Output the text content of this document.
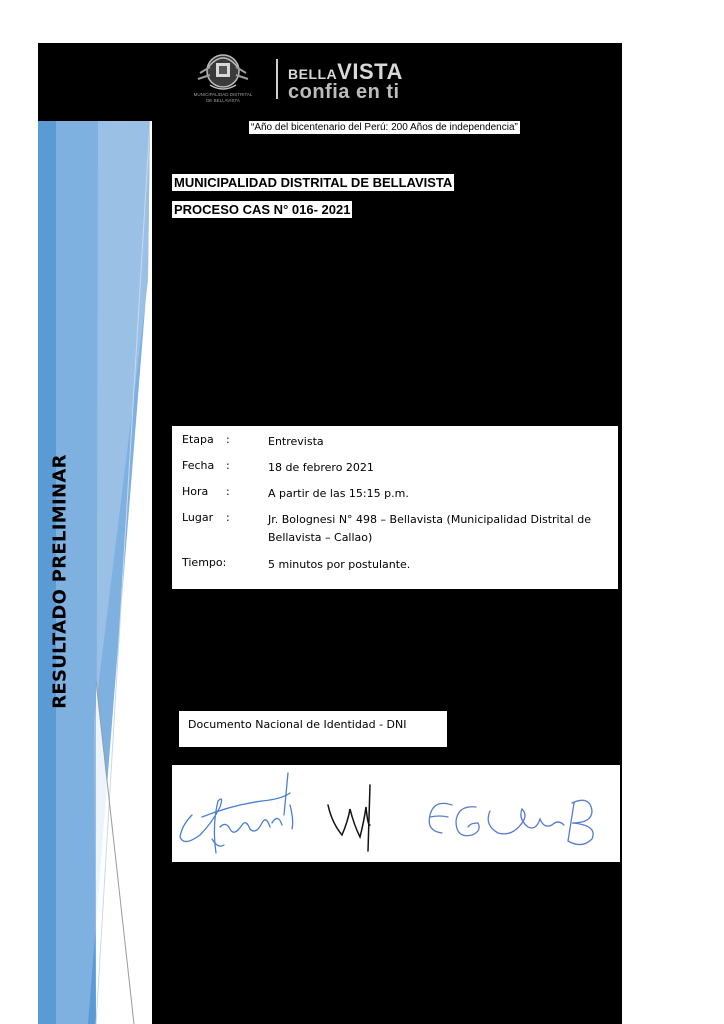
MUNICIPALIDAD DISTRITAL
DE BELLAVISTA
BELLAVISTA
confia en ti
“Año del bicentenario del Perú: 200 Años de independencia”
MUNICIPALIDAD DISTRITAL DE BELLAVISTA
PROCESO CAS N° 016- 2021
RESULTADO PRELIMINAR
Etapa	:	Entrevista
Fecha	:	18 de febrero 2021
Hora	:	A partir de las 15:15 p.m.
Lugar	:	Jr. Bolognesi N° 498 – Bellavista (Municipalidad Distrital de Bellavista – Callao)
Tiempo:	5 minutos por postulante.
Documento Nacional de Identidad - DNI
